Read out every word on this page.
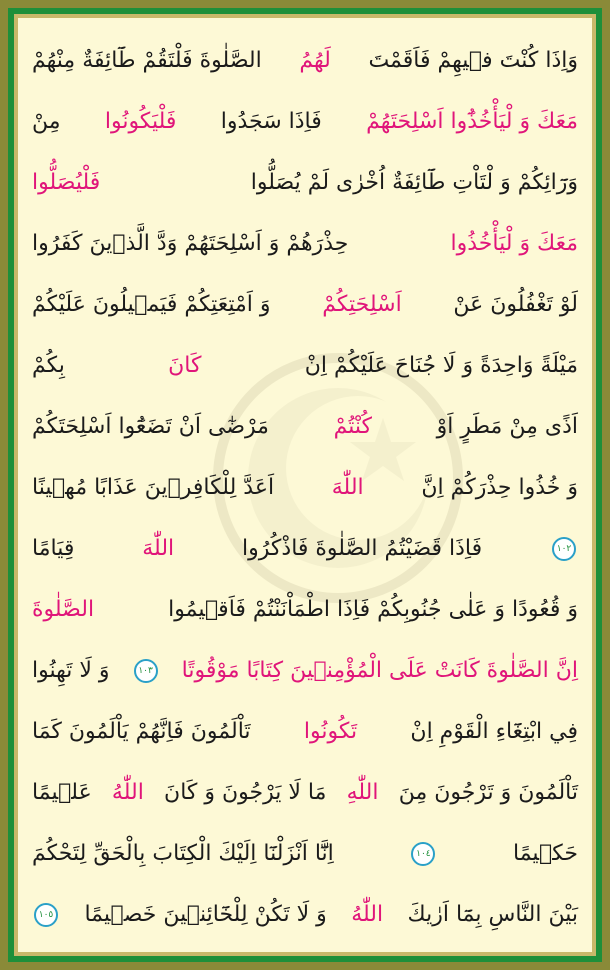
وَاِذَا كُنْتَ فٖيهِمْ فَاَقَمْتَ
لَهُمُ
الصَّلٰوةَ فَلْتَقُمْ طَٓائِفَةٌ مِنْهُمْ
مَعَكَ وَ لْيَأْخُذُٓوا اَسْلِحَتَهُمْ
فَاِذَا سَجَدُوا
فَلْيَكُونُوا
مِنْ
وَرَٓائِكُمْ وَ لْتَاْتِ طَٓائِفَةٌ اُخْرٰى لَمْ يُصَلُّوا
فَلْيُصَلُّوا
مَعَكَ وَ لْيَأْخُذُوا
حِذْرَهُمْ وَ اَسْلِحَتَهُمْ وَدَّ الَّذٖينَ كَفَرُوا
لَوْ تَغْفُلُونَ عَنْ
اَسْلِحَتِكُمْ
وَ اَمْتِعَتِكُمْ فَيَمٖيلُونَ عَلَيْكُمْ
مَيْلَةً وَاحِدَةً وَ لَا جُنَاحَ عَلَيْكُمْ اِنْ
كَانَ
بِكُمْ
اَذًى مِنْ مَطَرٍ اَوْ
كُنْتُمْ
مَرْضٰٓى اَنْ تَضَعُٓوا اَسْلِحَتَكُمْ
وَ خُذُوا حِذْرَكُمْ اِنَّ
اللّٰهَ
اَعَدَّ لِلْكَافِرٖينَ عَذَابًا مُهٖينًا
١٠٢
فَاِذَا قَضَيْتُمُ الصَّلٰوةَ فَاذْكُرُوا
اللّٰهَ
قِيَامًا
وَ قُعُودًا وَ عَلٰى جُنُوبِكُمْ فَاِذَا اطْمَاْنَنْتُمْ فَاَقٖيمُوا
الصَّلٰوةَ
اِنَّ الصَّلٰوةَ كَانَتْ عَلَى الْمُؤْمِنٖينَ كِتَابًا مَوْقُوتًا
١٠٣
وَ لَا تَهِنُوا
فِي ابْتِغَٓاءِ الْقَوْمِ اِنْ
تَكُونُوا
تَاْلَمُونَ فَاِنَّهُمْ يَاْلَمُونَ كَمَا
تَاْلَمُونَ وَ تَرْجُونَ مِنَ
اللّٰهِ
مَا لَا يَرْجُونَ وَ كَانَ
اللّٰهُ
عَلٖيمًا
حَكٖيمًا
١٠٤
اِنَّٓا اَنْزَلْنَٓا اِلَيْكَ الْكِتَابَ بِالْحَقِّ لِتَحْكُمَ
بَيْنَ النَّاسِ بِمَٓا اَرٰيكَ
اللّٰهُ
وَ لَا تَكُنْ لِلْخَٓائِنٖينَ خَصٖيمًا
١٠٥
